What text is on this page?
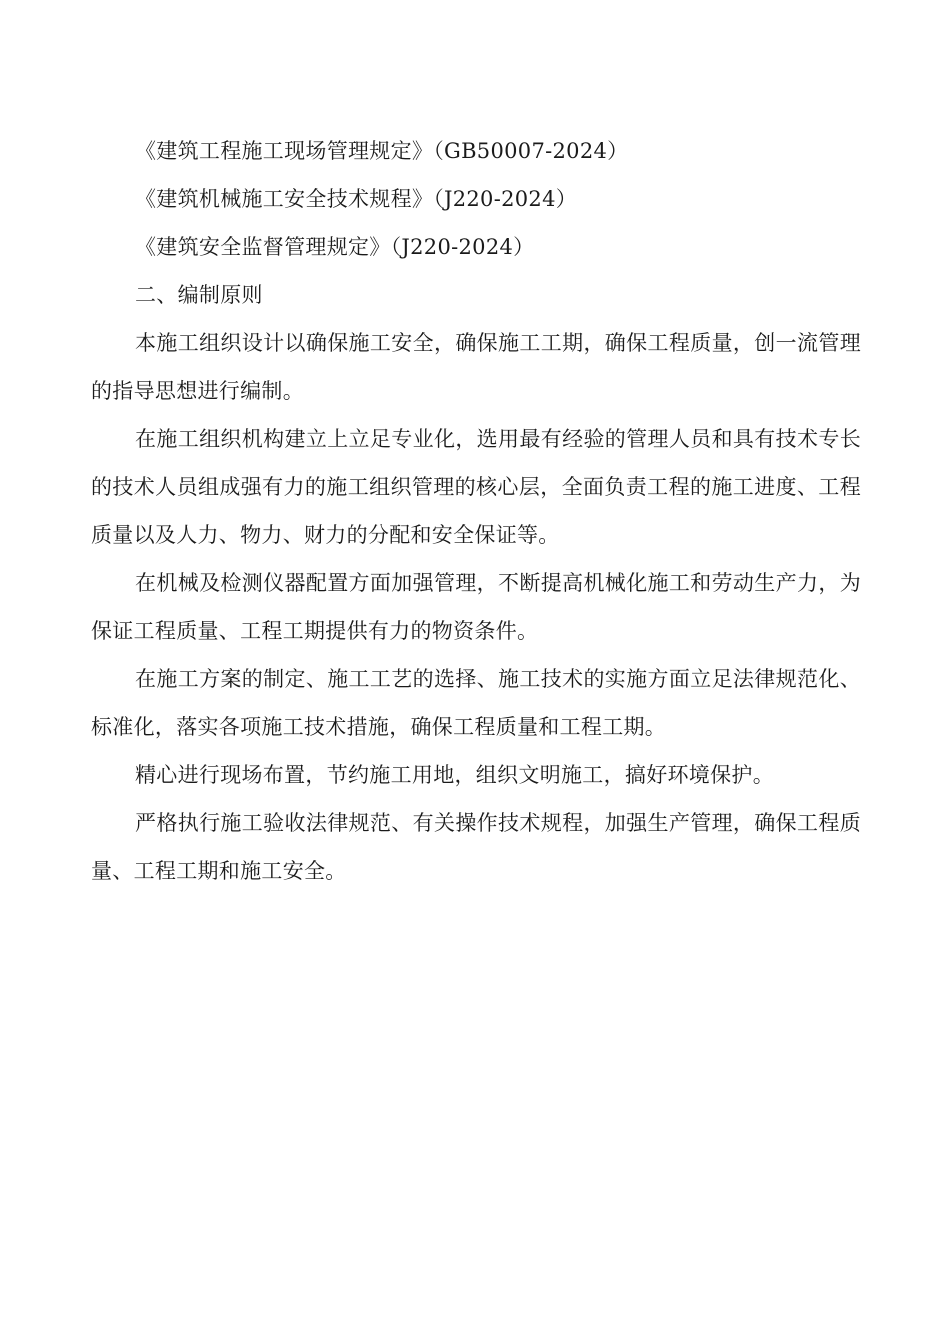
《建筑工程施工现场管理规定》（GB50007-2024）

《建筑机械施工安全技术规程》（J220-2024）

《建筑安全监督管理规定》（J220-2024）

二、编制原则

本施工组织设计以确保施工安全，确保施工工期，确保工程质量，创一流管理的指导思想进行编制。

在施工组织机构建立上立足专业化，选用最有经验的管理人员和具有技术专长的技术人员组成强有力的施工组织管理的核心层，全面负责工程的施工进度、工程质量以及人力、物力、财力的分配和安全保证等。

在机械及检测仪器配置方面加强管理，不断提高机械化施工和劳动生产力，为保证工程质量、工程工期提供有力的物资条件。

在施工方案的制定、施工工艺的选择、施工技术的实施方面立足法律规范化、标准化，落实各项施工技术措施，确保工程质量和工程工期。

精心进行现场布置，节约施工用地，组织文明施工，搞好环境保护。

严格执行施工验收法律规范、有关操作技术规程，加强生产管理，确保工程质量、工程工期和施工安全。
